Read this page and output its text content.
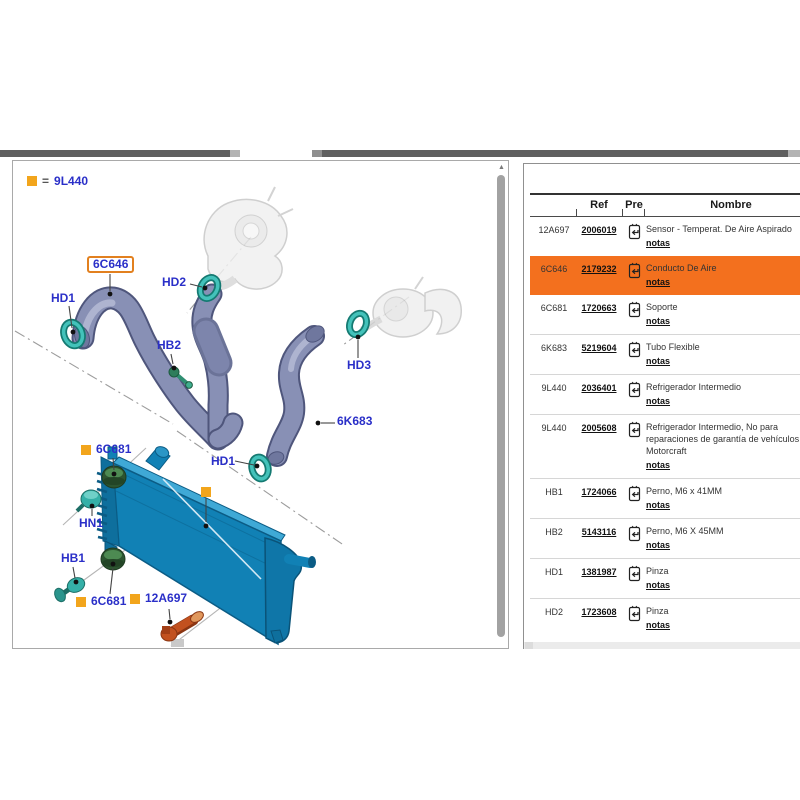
= 9L440
6C646
HD1
HD2
HB2
HD3
6K683
6C681
HN1
HB1
6C681 12A697
HD1
▲
Ref	Pre	Nombre
12A697	2006019	Sensor - Temperat. De Aire Aspirado
notas
6C646	2179232	Conducto De Aire
notas
6C681	1720663	Soporte
notas
6K683	5219604	Tubo Flexible
notas
9L440	2036401	Refrigerador Intermedio
notas
9L440	2005608	Refrigerador Intermedio, No para reparaciones de garantía de vehículos Motorcraft
notas
HB1	1724066	Perno, M6 x 41MM
notas
HB2	5143116	Perno, M6 X 45MM
notas
HD1	1381987	Pinza
notas
HD2	1723608	Pinza
notas
